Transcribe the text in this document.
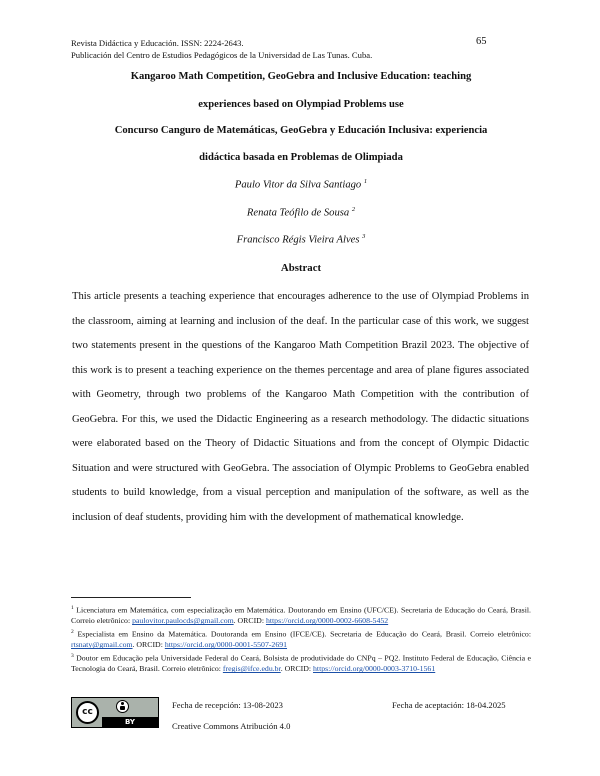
Revista Didáctica y Educación. ISSN: 2224-2643.
Publicación del Centro de Estudios Pedagógicos de la Universidad de Las Tunas. Cuba.
65
Kangaroo Math Competition, GeoGebra and Inclusive Education: teaching
experiences based on Olympiad Problems use
Concurso Canguro de Matemáticas, GeoGebra y Educación Inclusiva: experiencia
didáctica basada en Problemas de Olimpiada
Paulo Vitor da Silva Santiago $^1$
Renata Teófilo de Sousa $^2$
Francisco Régis Vieira Alves $^3$
Abstract
This article presents a teaching experience that encourages adherence to the use of Olympiad Problems in the classroom, aiming at learning and inclusion of the deaf. In the particular case of this work, we suggest two statements present in the questions of the Kangaroo Math Competition Brazil 2023. The objective of this work is to present a teaching experience on the themes percentage and area of plane figures associated with Geometry, through two problems of the Kangaroo Math Competition with the contribution of GeoGebra. For this, we used the Didactic Engineering as a research methodology. The didactic situations were elaborated based on the Theory of Didactic Situations and from the concept of Olympic Didactic Situation and were structured with GeoGebra. The association of Olympic Problems to GeoGebra enabled students to build knowledge, from a visual perception and manipulation of the software, as well as the inclusion of deaf students, providing him with the development of mathematical knowledge.

$^1$ Licenciatura em Matemática, com especialização em Matemática. Doutorando em Ensino (UFC/CE). Secretaria de Educação do Ceará, Brasil. Correio eletrônico: paulovitor.paulocds@gmail.com. ORCID: https://orcid.org/0000-0002-6608-5452

$^2$ Especialista em Ensino da Matemática. Doutoranda em Ensino (IFCE/CE). Secretaria de Educação do Ceará, Brasil. Correio eletrônico: rtsnaty@gmail.com. ORCID: https://orcid.org/0000-0001-5507-2691

$^3$ Doutor em Educação pela Universidade Federal do Ceará, Bolsista de produtividade do CNPq – PQ2. Instituto Federal de Educação, Ciência e Tecnologia do Ceará, Brasil. Correio eletrônico: fregis@ifce.edu.br. ORCID: https://orcid.org/0000-0003-3710-1561

cc
BY
Fecha de recepción: 13-08-2023	Fecha de aceptación: 18-04.2025
Creative Commons Atribución 4.0
